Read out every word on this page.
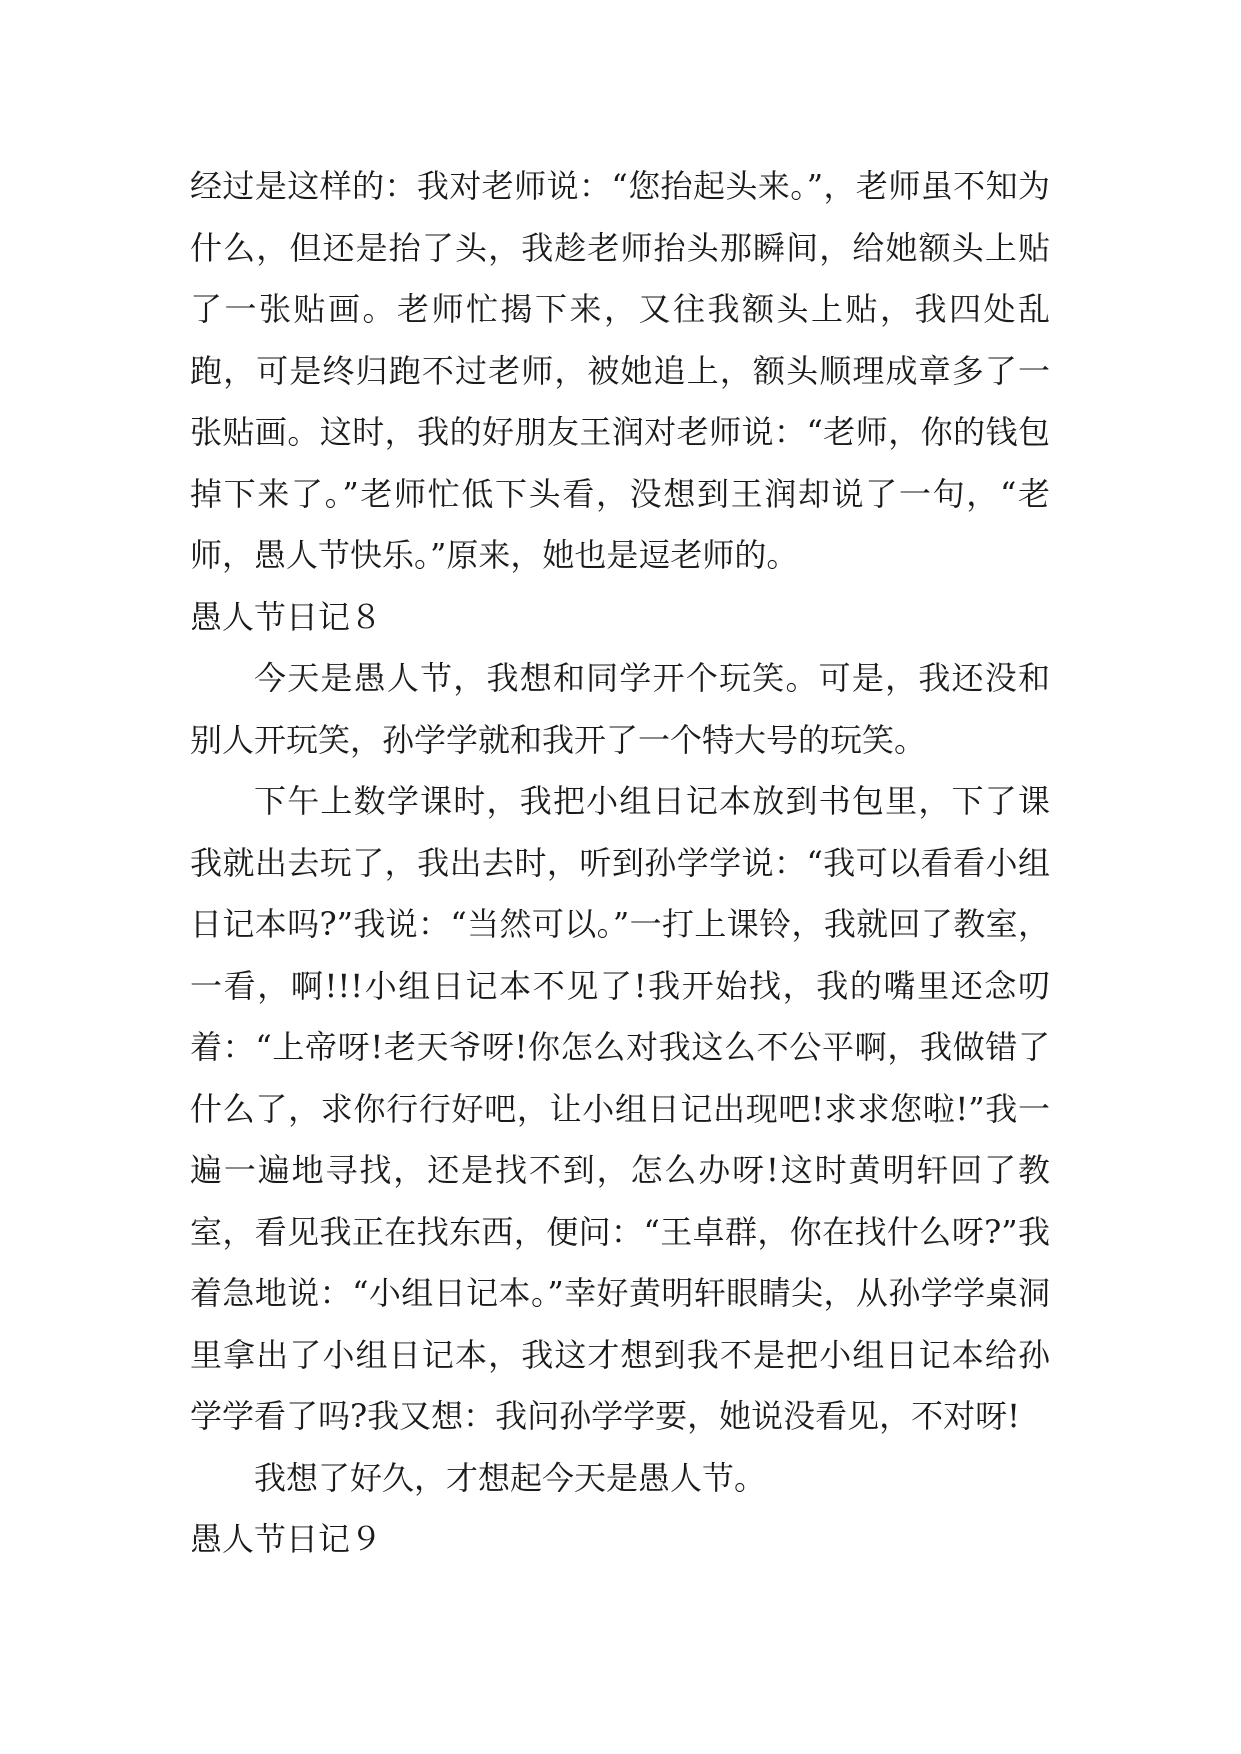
经过是这样的：我对老师说：“您抬起头来。”，老师虽不知为什么，但还是抬了头，我趁老师抬头那瞬间，给她额头上贴了一张贴画。老师忙揭下来，又往我额头上贴，我四处乱跑，可是终归跑不过老师，被她追上，额头顺理成章多了一张贴画。这时，我的好朋友王润对老师说：“老师，你的钱包掉下来了。”老师忙低下头看，没想到王润却说了一句，“老师，愚人节快乐。”原来，她也是逗老师的。

愚人节日记８

今天是愚人节，我想和同学开个玩笑。可是，我还没和别人开玩笑，孙学学就和我开了一个特大号的玩笑。

下午上数学课时，我把小组日记本放到书包里，下了课我就出去玩了，我出去时，听到孙学学说：“我可以看看小组日记本吗?”我说：“当然可以。”一打上课铃，我就回了教室，一看，啊!!!小组日记本不见了!我开始找，我的嘴里还念叨着：“上帝呀!老天爷呀!你怎么对我这么不公平啊，我做错了什么了，求你行行好吧，让小组日记出现吧!求求您啦!”我一遍一遍地寻找，还是找不到，怎么办呀!这时黄明轩回了教室，看见我正在找东西，便问：“王卓群，你在找什么呀?”我着急地说：“小组日记本。”幸好黄明轩眼睛尖，从孙学学桌洞里拿出了小组日记本，我这才想到我不是把小组日记本给孙学学看了吗?我又想：我问孙学学要，她说没看见，不对呀!

我想了好久，才想起今天是愚人节。

愚人节日记９
